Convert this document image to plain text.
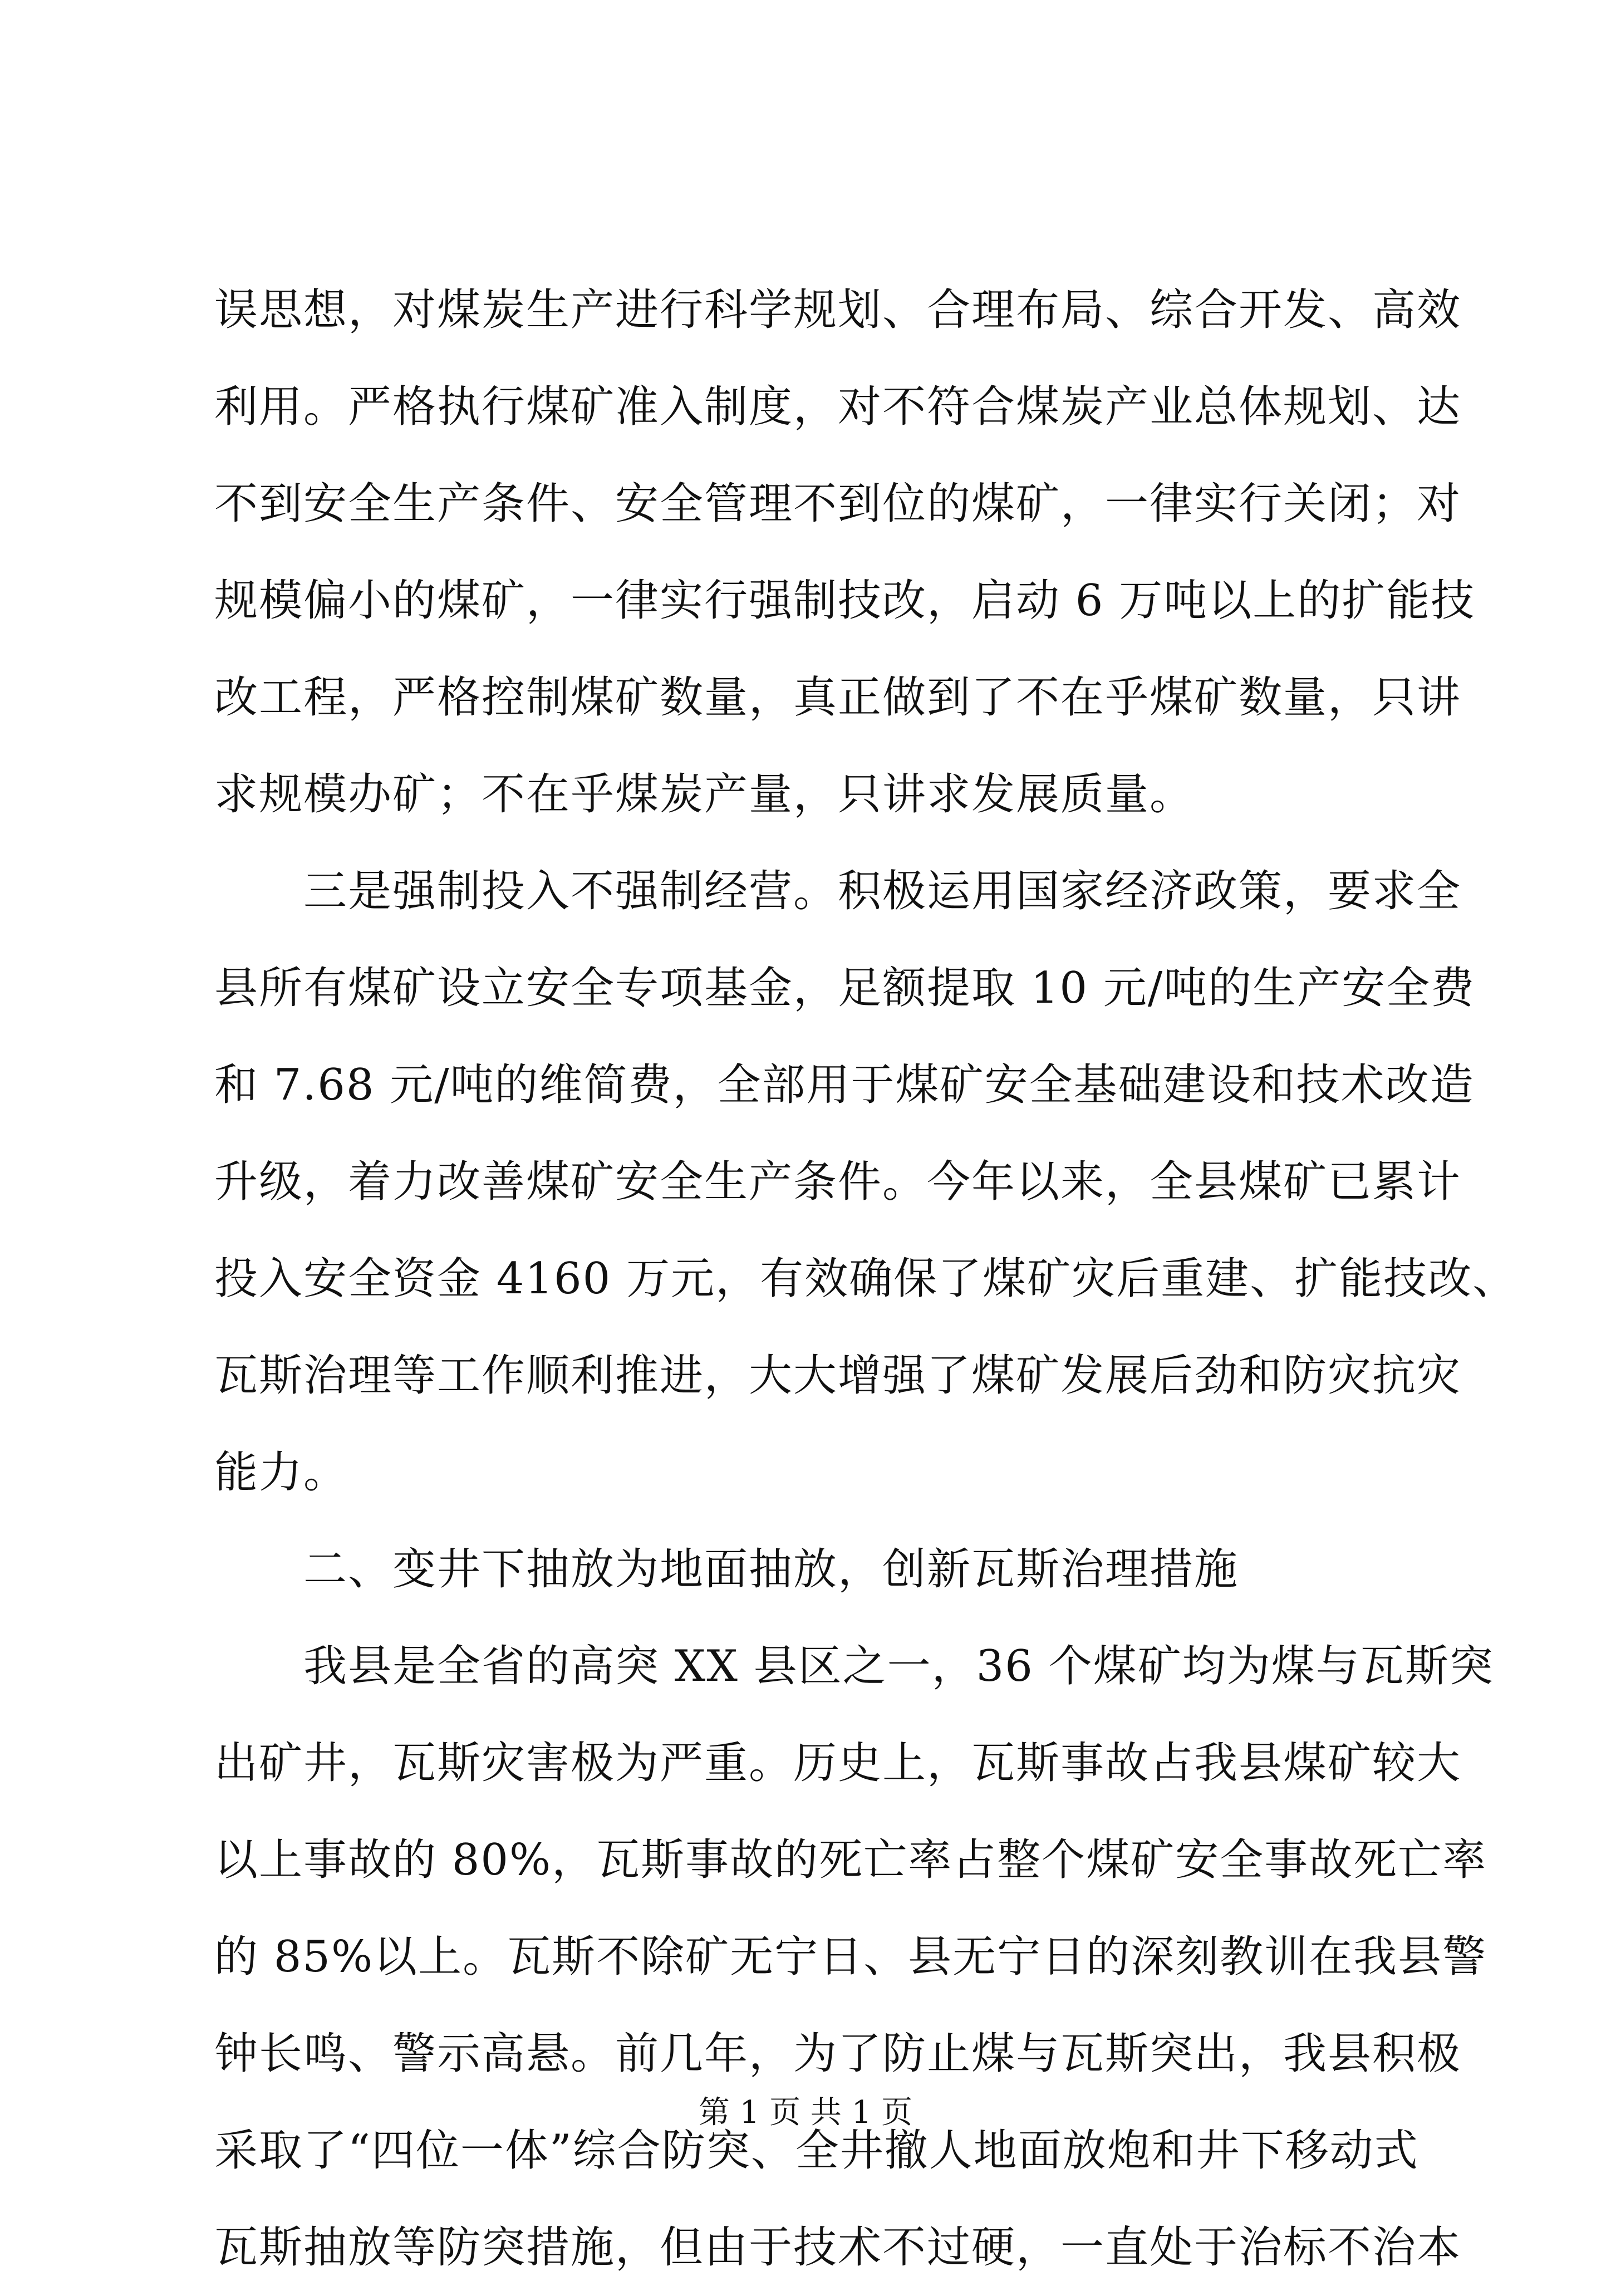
误思想，对煤炭生产进行科学规划、合理布局、综合开发、高效
利用。严格执行煤矿准入制度，对不符合煤炭产业总体规划、达
不到安全生产条件、安全管理不到位的煤矿，一律实行关闭；对
规模偏小的煤矿，一律实行强制技改，启动 6 万吨以上的扩能技
改工程，严格控制煤矿数量，真正做到了不在乎煤矿数量，只讲
求规模办矿；不在乎煤炭产量，只讲求发展质量。
　　三是强制投入不强制经营。积极运用国家经济政策，要求全
县所有煤矿设立安全专项基金，足额提取 10 元/吨的生产安全费
和 7.68 元/吨的维简费，全部用于煤矿安全基础建设和技术改造
升级，着力改善煤矿安全生产条件。今年以来，全县煤矿已累计
投入安全资金 4160 万元，有效确保了煤矿灾后重建、扩能技改、
瓦斯治理等工作顺利推进，大大增强了煤矿发展后劲和防灾抗灾
能力。
　　二、变井下抽放为地面抽放，创新瓦斯治理措施
　　我县是全省的高突 XX 县区之一，36 个煤矿均为煤与瓦斯突
出矿井，瓦斯灾害极为严重。历史上，瓦斯事故占我县煤矿较大
以上事故的 80%，瓦斯事故的死亡率占整个煤矿安全事故死亡率
的 85%以上。瓦斯不除矿无宁日、县无宁日的深刻教训在我县警
钟长鸣、警示高悬。前几年，为了防止煤与瓦斯突出，我县积极
采取了“四位一体”综合防突、全井撤人地面放炮和井下移动式
瓦斯抽放等防突措施，但由于技术不过硬，一直处于治标不治本
第 1 页 共 1 页
